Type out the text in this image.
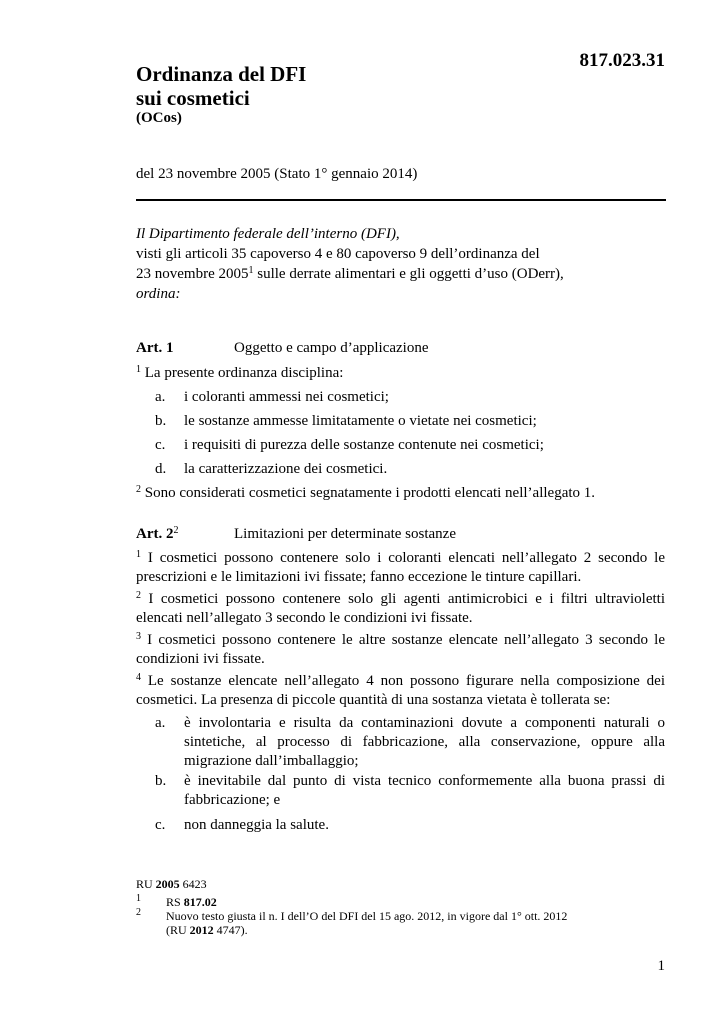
817.023.31
Ordinanza del DFI
sui cosmetici
(OCos)
del 23 novembre 2005 (Stato 1° gennaio 2014)
Il Dipartimento federale dell’interno (DFI),
visti gli articoli 35 capoverso 4 e 80 capoverso 9 dell’ordinanza del
23 novembre 2005$^1$ sulle derrate alimentari e gli oggetti d’uso (ODerr),
ordina:
Art. 1	Oggetto e campo d’applicazione
$^1$ La presente ordinanza disciplina:
a. i coloranti ammessi nei cosmetici;
b. le sostanze ammesse limitatamente o vietate nei cosmetici;
c. i requisiti di purezza delle sostanze contenute nei cosmetici;
d. la caratterizzazione dei cosmetici.
$^2$ Sono considerati cosmetici segnatamente i prodotti elencati nell’allegato 1.
Art. $2^2$	Limitazioni per determinate sostanze
$^1$ I cosmetici possono contenere solo i coloranti elencati nell’allegato 2 secondo le prescrizioni e le limitazioni ivi fissate; fanno eccezione le tinture capillari.
$^2$ I cosmetici possono contenere solo gli agenti antimicrobici e i filtri ultravioletti elencati nell’allegato 3 secondo le condizioni ivi fissate.
$^3$ I cosmetici possono contenere le altre sostanze elencate nell’allegato 3 secondo le condizioni ivi fissate.
$^4$ Le sostanze elencate nell’allegato 4 non possono figurare nella composizione dei cosmetici. La presenza di piccole quantità di una sostanza vietata è tollerata se:
a. è involontaria e risulta da contaminazioni dovute a componenti naturali o sintetiche, al processo di fabbricazione, alla conservazione, oppure alla migrazione dall’imballaggio;
b. è inevitabile dal punto di vista tecnico conformemente alla buona prassi di fabbricazione; e
c. non danneggia la salute.
RU 2005 6423
1 RS 817.02
2 Nuovo testo giusta il n. I dell’O del DFI del 15 ago. 2012, in vigore dal 1° ott. 2012
(RU 2012 4747).
1
